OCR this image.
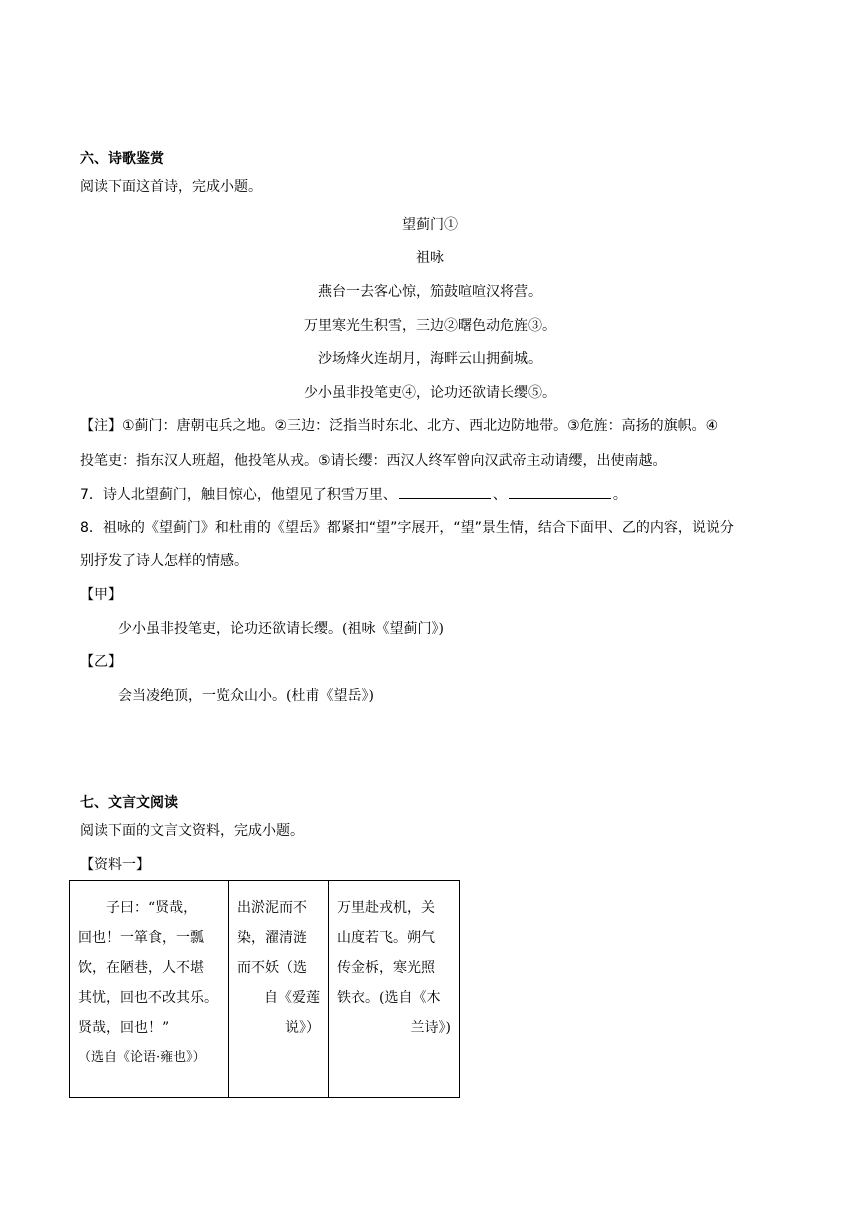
六、诗歌鉴赏
阅读下面这首诗，完成小题。
望蓟门①
祖咏
燕台一去客心惊，笳鼓喧喧汉将营。
万里寒光生积雪，三边②曙色动危旌③。
沙场烽火连胡月，海畔云山拥蓟城。
少小虽非投笔吏④，论功还欲请长缨⑤。
【注】①蓟门：唐朝屯兵之地。②三边：泛指当时东北、北方、西北边防地带。③危旌：高扬的旗帜。④
投笔吏：指东汉人班超，他投笔从戎。⑤请长缨：西汉人终军曾向汉武帝主动请缨，出使南越。
7．诗人北望蓟门，触目惊心，他望见了积雪万里、	、	。
8．祖咏的《望蓟门》和杜甫的《望岳》都紧扣“望”字展开，“望”景生情，结合下面甲、乙的内容，说说分
别抒发了诗人怎样的情感。
【甲】
少小虽非投笔吏，论功还欲请长缨。(祖咏《望蓟门》)
【乙】
会当凌绝顶，一览众山小。(杜甫《望岳》)
七、文言文阅读
阅读下面的文言文资料，完成小题。
【资料一】
子曰：“贤哉，
回也！一箪食，一瓢
饮，在陋巷，人不堪
其忧，回也不改其乐。
贤哉，回也！”
（选自《论语·雍也》）

出淤泥而不
染，濯清涟
而不妖（选
自《爱莲
说》）

万里赴戎机，关
山度若飞。朔气
传金柝，寒光照
铁衣。(选自《木
兰诗》)
